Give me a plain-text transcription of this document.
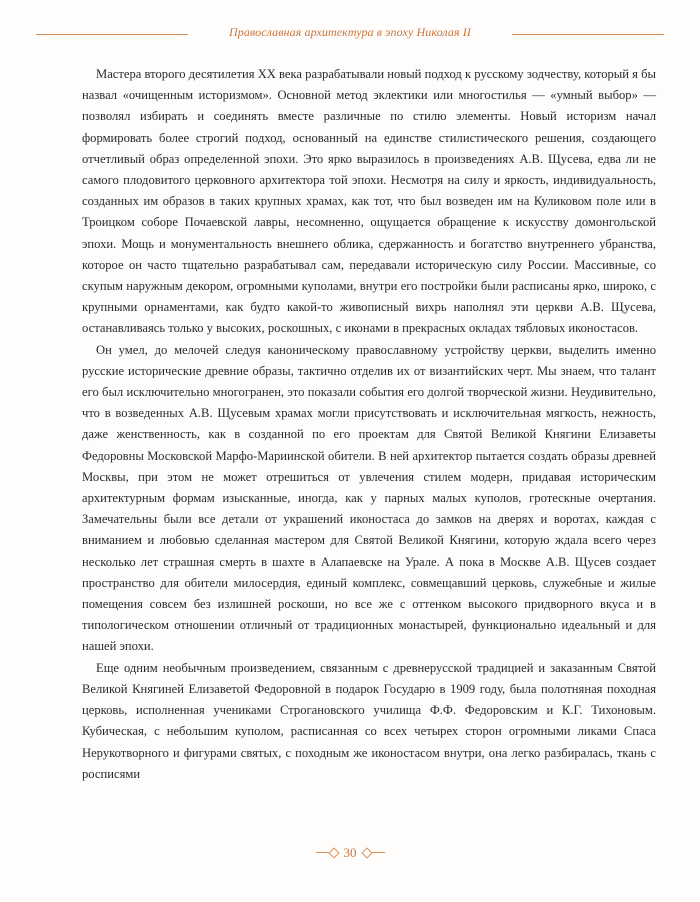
Православная архитектура в эпоху Николая II

Мастера второго десятилетия XX века разрабатывали новый подход к русскому зодчеству, который я бы назвал «очищенным историзмом». Основной метод эклектики или многостилья — «умный выбор» — позволял избирать и соединять вместе различные по стилю элементы. Новый историзм начал формировать более строгий подход, основанный на единстве стилистического решения, создающего отчетливый образ определенной эпохи. Это ярко выразилось в произведениях А.В. Щусева, едва ли не самого плодовитого церковного архитектора той эпохи. Несмотря на силу и яркость, индивидуальность, созданных им образов в таких крупных храмах, как тот, что был возведен им на Куликовом поле или в Троицком соборе Почаевской лавры, несомненно, ощущается обращение к искусству домонгольской эпохи. Мощь и монументальность внешнего облика, сдержанность и богатство внутреннего убранства, которое он часто тщательно разрабатывал сам, передавали историческую силу России. Массивные, со скупым наружным декором, огромными куполами, внутри его постройки были расписаны ярко, широко, с крупными орнаментами, как будто какой-то живописный вихрь наполнял эти церкви А.В. Щусева, останавливаясь только у высоких, роскошных, с иконами в прекрасных окладах тябловых иконостасов.

Он умел, до мелочей следуя каноническому православному устройству церкви, выделить именно русские исторические древние образы, тактично отделив их от византийских черт. Мы знаем, что талант его был исключительно многогранен, это показали события его долгой творческой жизни. Неудивительно, что в возведенных А.В. Щусевым храмах могли присутствовать и исключительная мягкость, нежность, даже женственность, как в созданной по его проектам для Святой Великой Княгини Елизаветы Федоровны Московской Марфо-Мариинской обители. В ней архитектор пытается создать образы древней Москвы, при этом не может отрешиться от увлечения стилем модерн, придавая историческим архитектурным формам изысканные, иногда, как у парных малых куполов, гротескные очертания. Замечательны были все детали от украшений иконостаса до замков на дверях и воротах, каждая с вниманием и любовью сделанная мастером для Святой Великой Княгини, которую ждала всего через несколько лет страшная смерть в шахте в Алапаевске на Урале. А пока в Москве А.В. Щусев создает пространство для обители милосердия, единый комплекс, совмещавший церковь, служебные и жилые помещения совсем без излишней роскоши, но все же с оттенком высокого придворного вкуса и в типологическом отношении отличный от традиционных монастырей, функционально идеальный и для нашей эпохи.

Еще одним необычным произведением, связанным с древнерусской традицией и заказанным Святой Великой Княгиней Елизаветой Федоровной в подарок Государю в 1909 году, была полотняная походная церковь, исполненная учениками Строгановского училища Ф.Ф. Федоровским и К.Г. Тихоновым. Кубическая, с небольшим куполом, расписанная со всех четырех сторон огромными ликами Спаса Нерукотворного и фигурами святых, с походным же иконостасом внутри, она легко разбиралась, ткань с росписями

30
